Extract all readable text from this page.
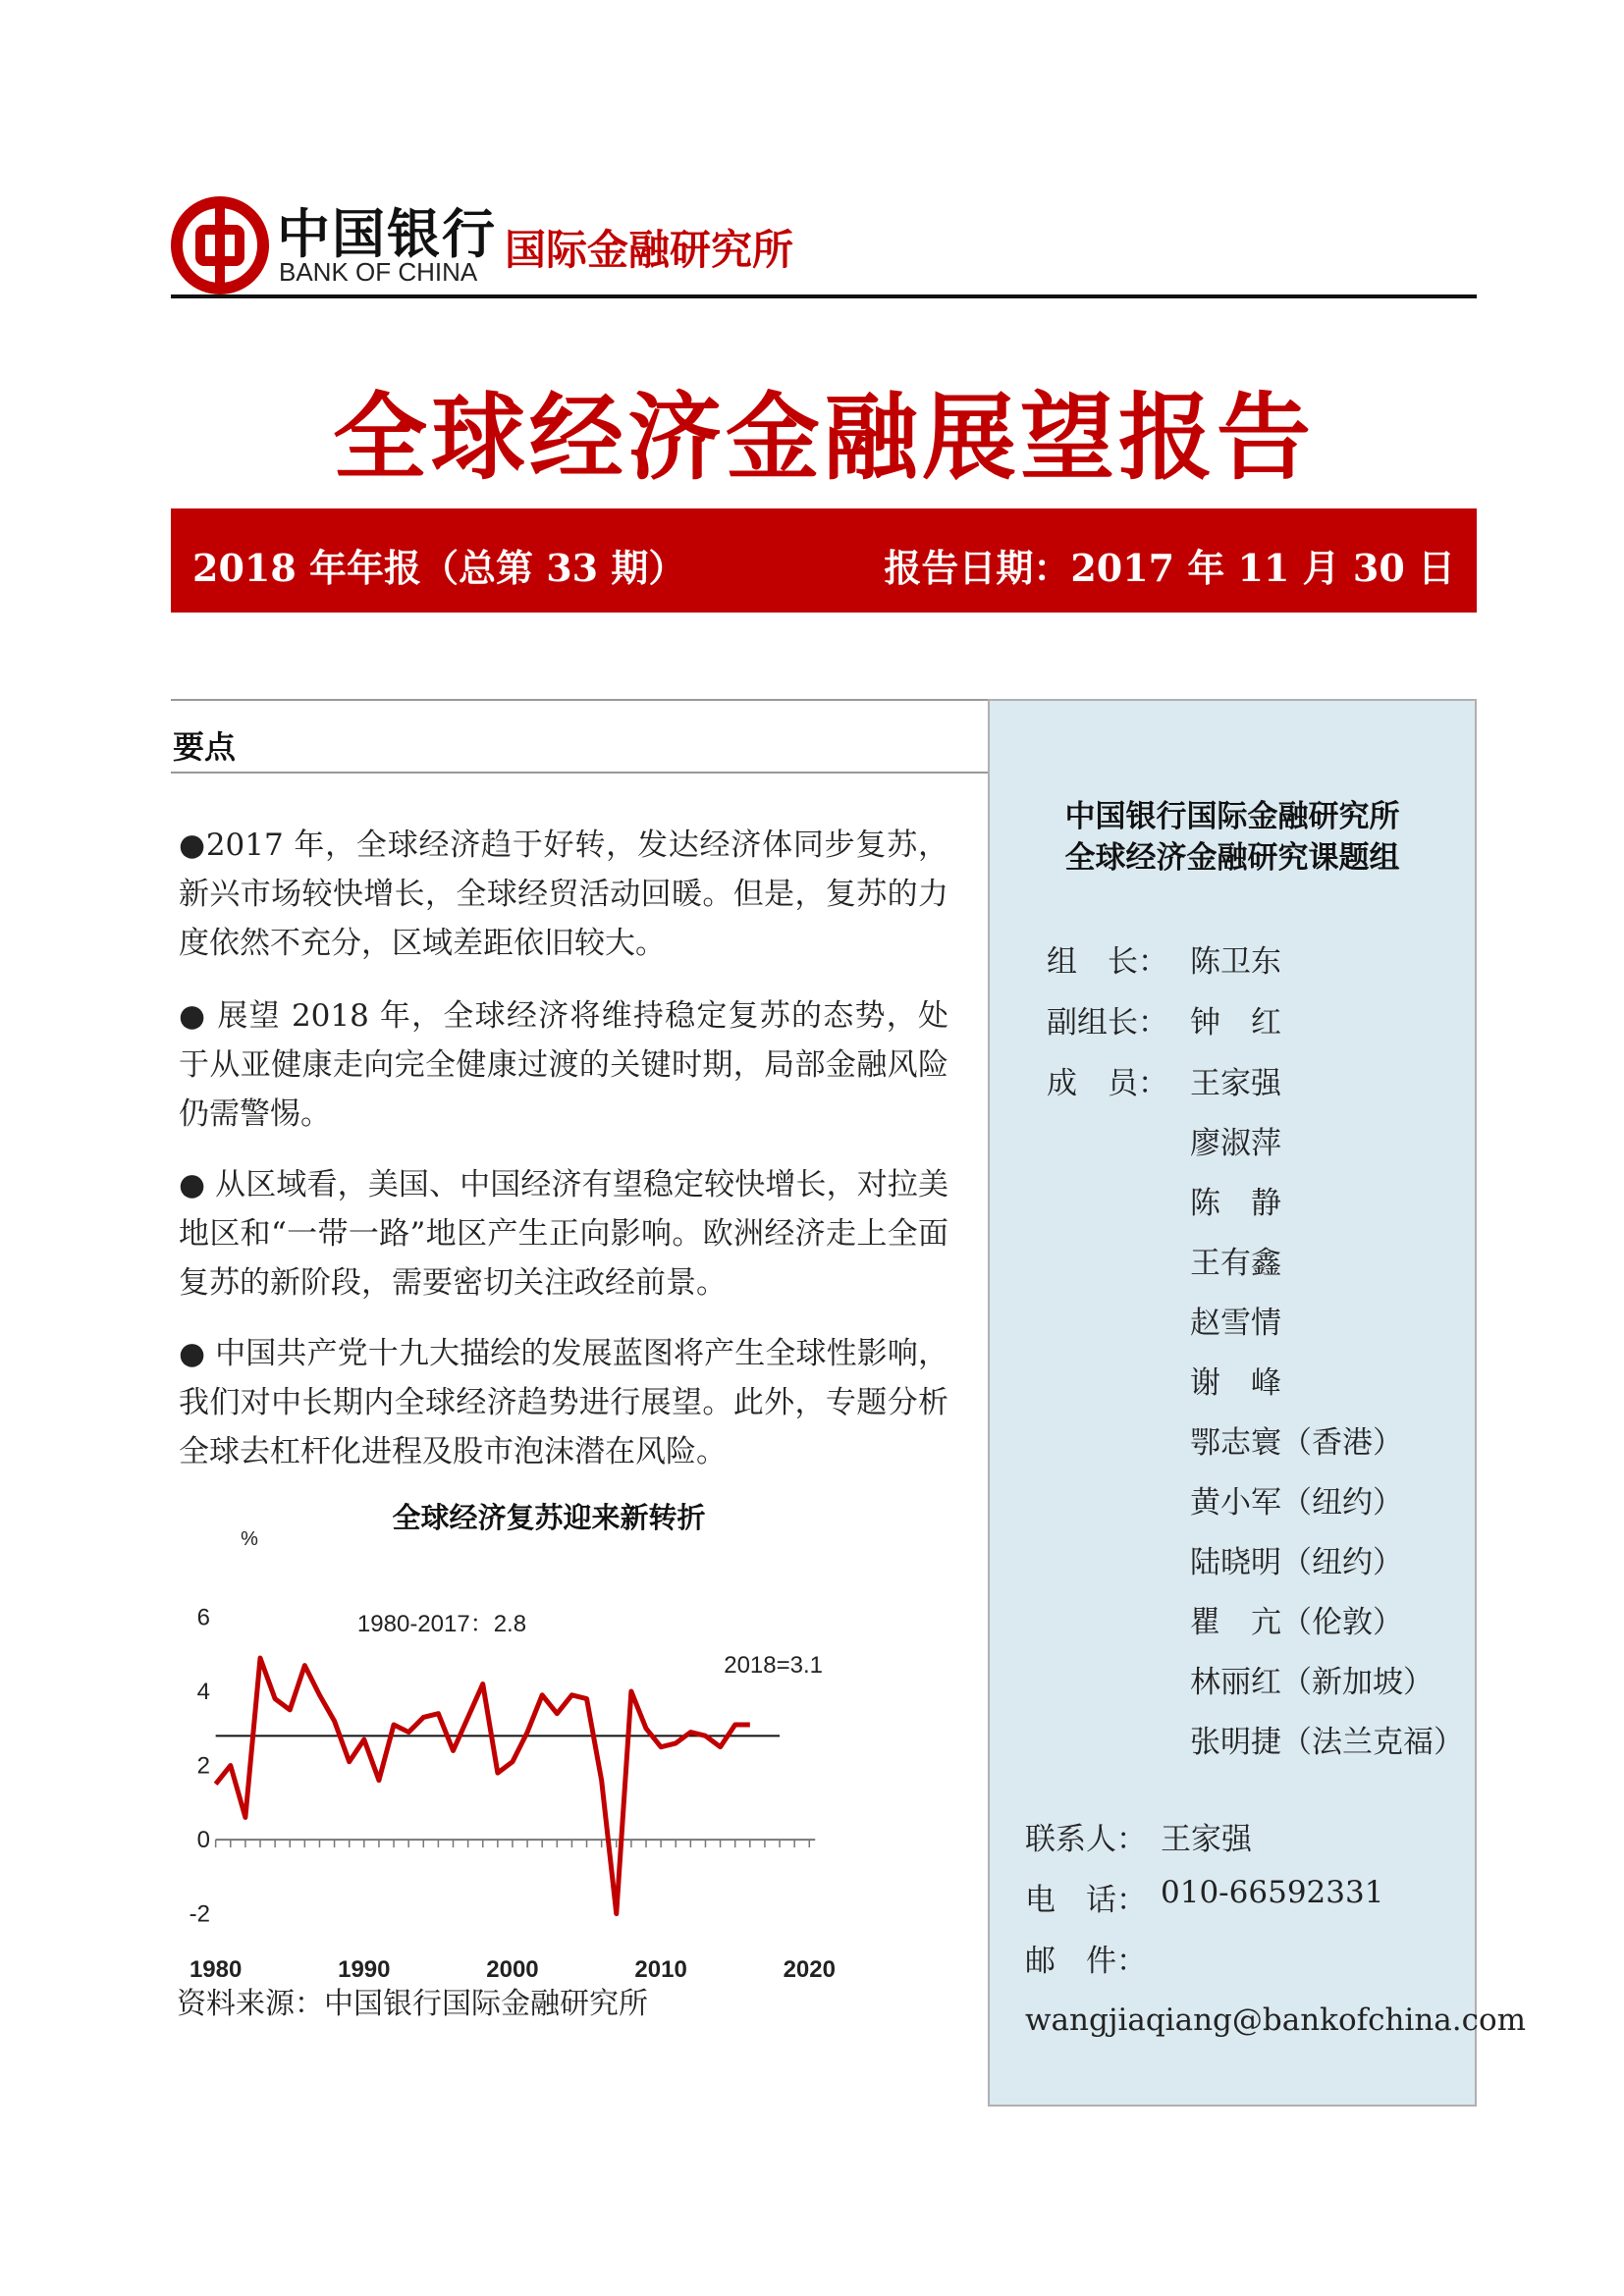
中国银行
BANK OF CHINA 国际金融研究所
全球经济金融展望报告
2018 年年报（总第 33 期）	报告日期：2017 年 11 月 30 日
要点
●2017 年，全球经济趋于好转，发达经济体同步复苏，新兴市场较快增长，全球经贸活动回暖。但是，复苏的力度依然不充分，区域差距依旧较大。
● 展望 2018 年，全球经济将维持稳定复苏的态势，处于从亚健康走向完全健康过渡的关键时期，局部金融风险仍需警惕。
● 从区域看，美国、中国经济有望稳定较快增长，对拉美地区和“一带一路”地区产生正向影响。欧洲经济走上全面复苏的新阶段，需要密切关注政经前景。
● 中国共产党十九大描绘的发展蓝图将产生全球性影响，我们对中长期内全球经济趋势进行展望。此外，专题分析全球去杠杆化进程及股市泡沫潜在风险。
全球经济复苏迎来新转折
%
6
4
2
0
-2
1980	1990	2000	2010	2020
1980-2017：2.8
2018=3.1
资料来源：中国银行国际金融研究所
中国银行国际金融研究所
全球经济金融研究课题组
组　长： 陈卫东
副组长： 钟　红
成　员： 王家强
廖淑萍
陈　静
王有鑫
赵雪情
谢　峰
鄂志寰（香港）
黄小军（纽约）
陆晓明（纽约）
瞿　亢（伦敦）
林丽红（新加坡）
张明捷（法兰克福）
联系人： 王家强
电　话： 010-66592331
邮　件：
wangjiaqiang@bankofchina.com
